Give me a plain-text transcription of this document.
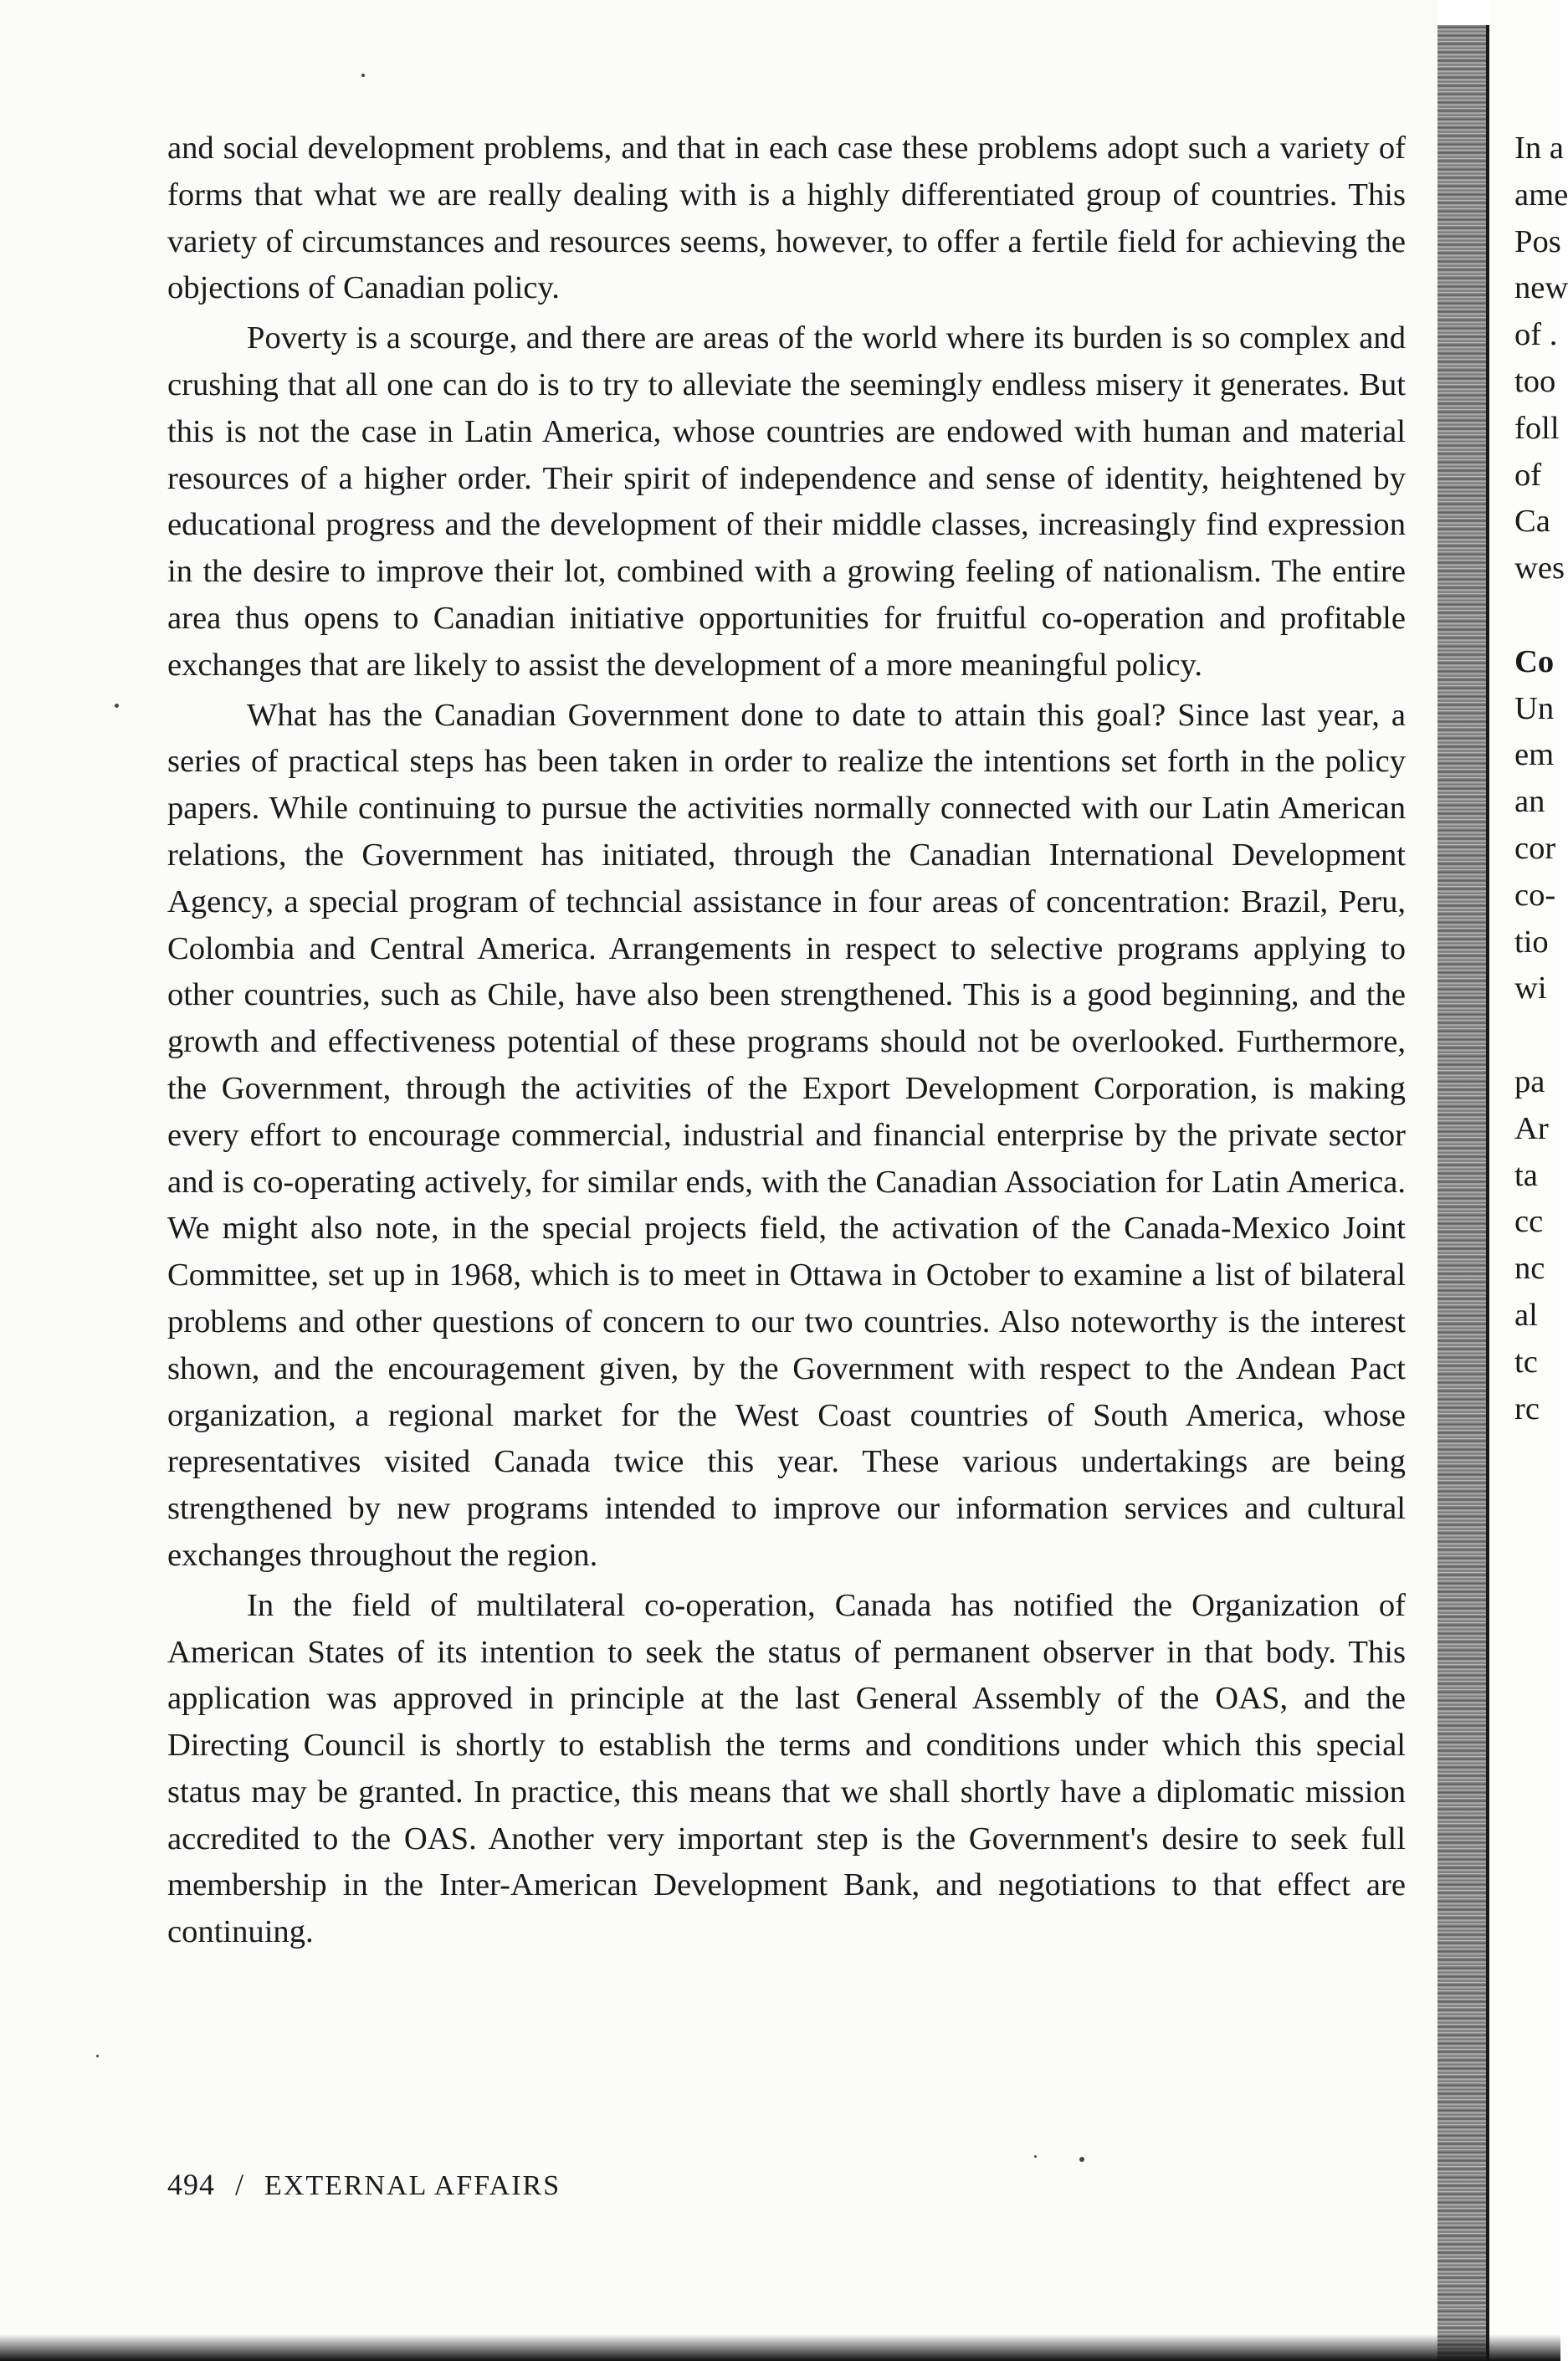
and social development problems, and that in each case these problems adopt such a variety of forms that what we are really dealing with is a highly differentiated group of countries. This variety of circumstances and resources seems, however, to offer a fertile field for achieving the objections of Canadian policy.

Poverty is a scourge, and there are areas of the world where its burden is so complex and crushing that all one can do is to try to alleviate the seemingly endless misery it generates. But this is not the case in Latin America, whose countries are endowed with human and material resources of a higher order. Their spirit of independence and sense of identity, heightened by educational progress and the development of their middle classes, increasingly find expression in the desire to improve their lot, combined with a growing feeling of nationalism. The entire area thus opens to Canadian initiative opportunities for fruitful co-operation and profitable exchanges that are likely to assist the development of a more meaningful policy.

What has the Canadian Government done to date to attain this goal? Since last year, a series of practical steps has been taken in order to realize the intentions set forth in the policy papers. While continuing to pursue the activities normally connected with our Latin American relations, the Government has initiated, through the Canadian International Development Agency, a special program of techncial assistance in four areas of concentration: Brazil, Peru, Colombia and Central America. Arrangements in respect to selective programs applying to other countries, such as Chile, have also been strengthened. This is a good beginning, and the growth and effectiveness potential of these programs should not be overlooked. Furthermore, the Government, through the activities of the Export Development Corporation, is making every effort to encourage commercial, industrial and financial enterprise by the private sector and is co-operating actively, for similar ends, with the Canadian Association for Latin America. We might also note, in the special projects field, the activation of the Canada-Mexico Joint Committee, set up in 1968, which is to meet in Ottawa in October to examine a list of bilateral problems and other questions of concern to our two countries. Also noteworthy is the interest shown, and the encouragement given, by the Government with respect to the Andean Pact organization, a regional market for the West Coast countries of South America, whose representatives visited Canada twice this year. These various undertakings are being strengthened by new programs intended to improve our information services and cultural exchanges throughout the region.

In the field of multilateral co-operation, Canada has notified the Organization of American States of its intention to seek the status of permanent observer in that body. This application was approved in principle at the last General Assembly of the OAS, and the Directing Council is shortly to establish the terms and conditions under which this special status may be granted. In practice, this means that we shall shortly have a diplomatic mission accredited to the OAS. Another very important step is the Government's desire to seek full membership in the Inter-American Development Bank, and negotiations to that effect are continuing.

494 / EXTERNAL AFFAIRS
In a
ame
Pos
new
of .
too
foll
of
Ca
wes
Co
Un
em
an
cor
co-
tio
wi
pa
Ar
ta
cc
nc
al
tc
rc
